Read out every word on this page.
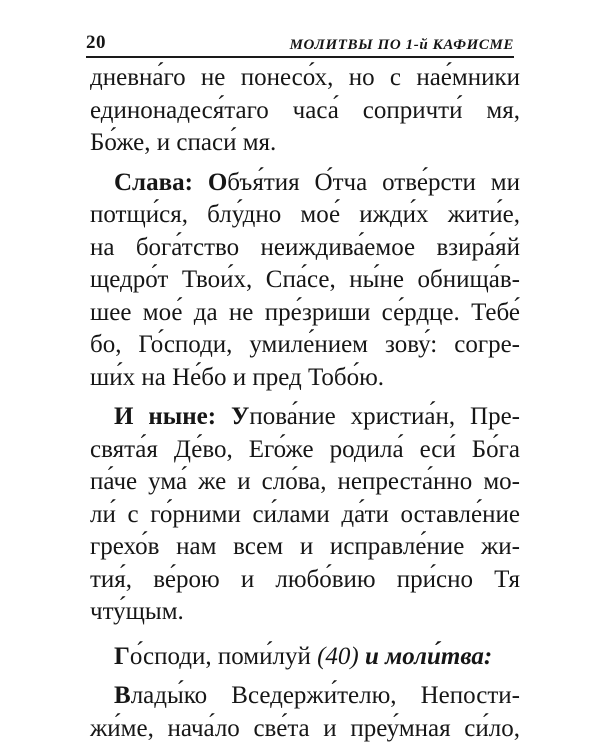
20	МОЛИТВЫ ПО 1-й КАФИСМЕ
дневна́го не понесо́х, но с нае́мники
единонадеся́таго часа́ сопричти́ мя,
Бо́же, и спаси́ мя.
Слава: Объя́тия О́тча отве́рсти ми
потщи́ся, блу́дно мое́ ижди́х жити́е,
на бога́тство неиждива́емое взира́яй
щедро́т Твои́х, Спа́се, ны́не обнища́в-
шее мое́ да не пре́зриши се́рдце. Тебе́
бо, Го́споди, умиле́нием зову́: согре-
ши́х на Не́бо и пред Тобо́ю.
И ныне: Упова́ние христиа́н, Пре-
свята́я Де́во, Его́же родила́ еси́ Бо́га
па́че ума́ же и сло́ва, непреста́нно мо-
ли́ с го́рними си́лами да́ти оставле́ние
грехо́в нам всем и исправле́ние жи-
тия́, ве́рою и любо́вию при́сно Тя
чту́щым.
Го́споди, поми́луй (40) и моли́тва:
Влады́ко Вседержи́телю, Непости-
жи́ме, нача́ло све́та и преу́мная си́ло,
